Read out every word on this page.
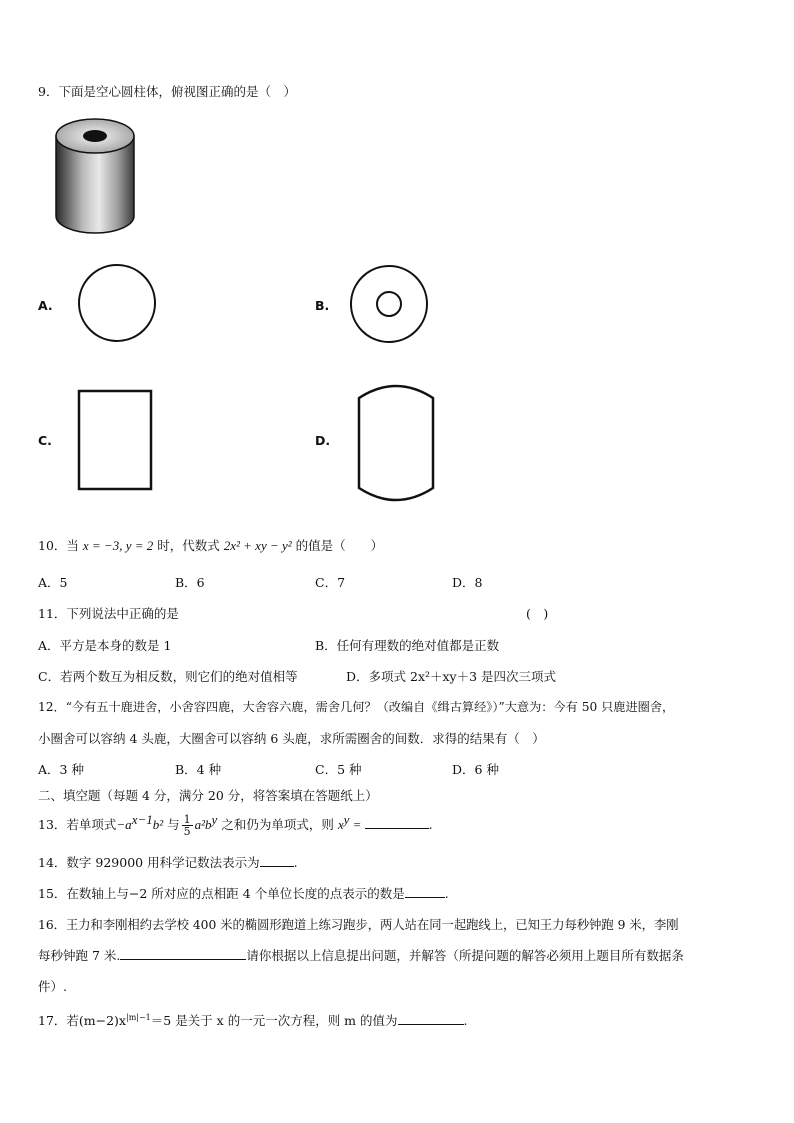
9．下面是空心圆柱体，俯视图正确的是（　）
A.	B.
C.	D.
10．当 x = −3, y = 2 时，代数式 2x² + xy − y² 的值是（　　）
A．5	B．6	C．7	D．8
11．下列说法中正确的是	(　)
A．平方是本身的数是 1	B．任何有理数的绝对值都是正数
C．若两个数互为相反数，则它们的绝对值相等	D．多项式 2x²＋xy＋3 是四次三项式
12．“今有五十鹿进舍，小舍容四鹿，大舍容六鹿，需舍几何？（改编自《缉古算经》）”大意为：今有 50 只鹿进圈舍，
小圈舍可以容纳 4 头鹿，大圈舍可以容纳 6 头鹿，求所需圈舍的间数．求得的结果有（　）
A．3 种	B．4 种	C．5 种	D．6 种
二、填空题（每题 4 分，满分 20 分，将答案填在答题纸上）
13．若单项式$-a^{x-1}b^2$ 与 $\frac{1}{5} a^2b^y$ 之和仍为单项式，则 $x^y$ =	.
14．数字 929000 用科学记数法表示为	.
15．在数轴上与−2 所对应的点相距 4 个单位长度的点表示的数是	.
16．王力和李刚相约去学校 400 米的椭圆形跑道上练习跑步，两人站在同一起跑线上，已知王力每秒钟跑 9 米，李刚
每秒钟跑 7 米.	请你根据以上信息提出问题，并解答（所提问题的解答必须用上题目所有数据条
件）.
17．若$(m-2)x^{|m|-1}=5$ 是关于 x 的一元一次方程，则 m 的值为	.
